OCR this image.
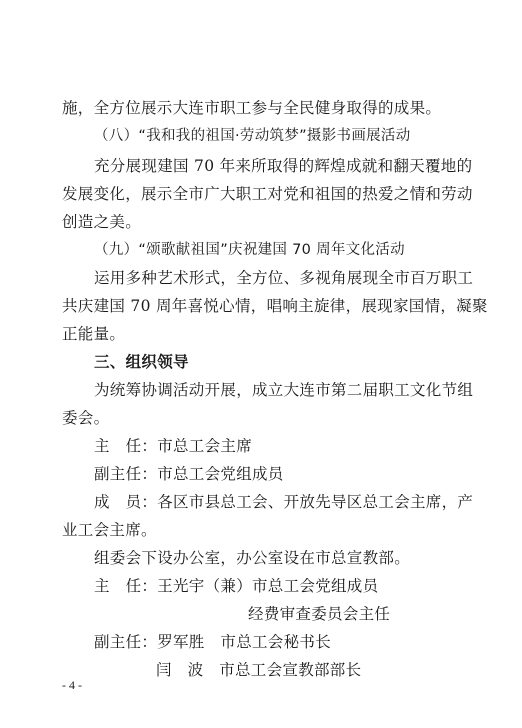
施，全方位展示大连市职工参与全民健身取得的成果。
（八）“我和我的祖国·劳动筑梦”摄影书画展活动
充分展现建国 70 年来所取得的辉煌成就和翻天覆地的
发展变化，展示全市广大职工对党和祖国的热爱之情和劳动
创造之美。
（九）“颂歌献祖国”庆祝建国 70 周年文化活动
运用多种艺术形式，全方位、多视角展现全市百万职工
共庆建国 70 周年喜悦心情，唱响主旋律，展现家国情，凝聚
正能量。
三、组织领导
为统筹协调活动开展，成立大连市第二届职工文化节组
委会。
主　任：市总工会主席
副主任：市总工会党组成员
成　员：各区市县总工会、开放先导区总工会主席，产
业工会主席。
组委会下设办公室，办公室设在市总宣教部。
主　任：王光宇（兼）市总工会党组成员
经费审查委员会主任
副主任：罗军胜　市总工会秘书长
闫　波　市总工会宣教部部长
- 4 -
